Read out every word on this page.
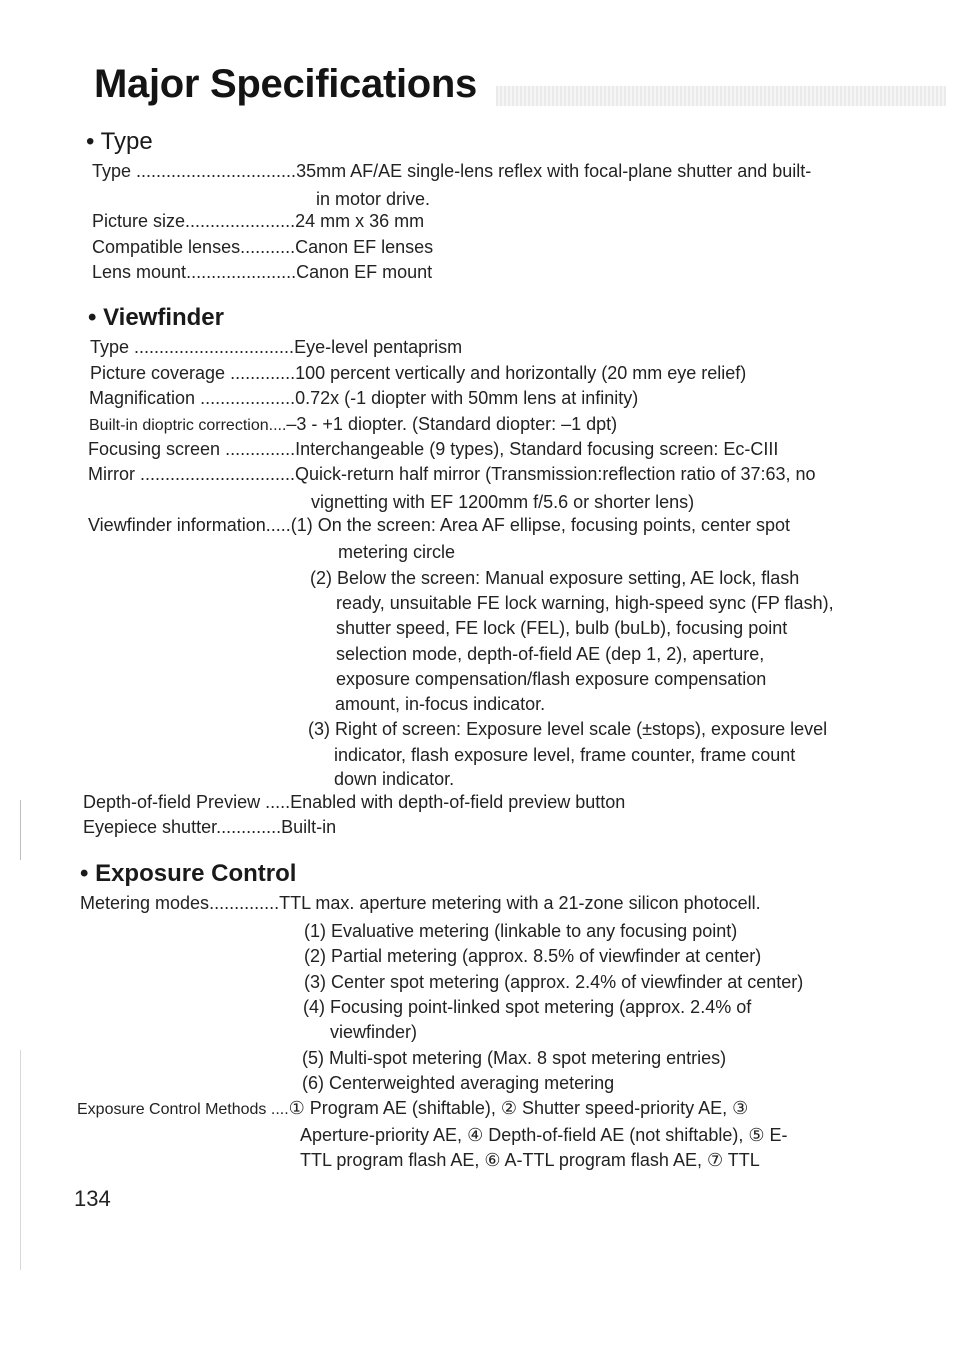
Major Specifications
• Type
Type ................................35mm AF/AE single-lens reflex with focal-plane shutter and built-
in motor drive.
Picture size......................24 mm x 36 mm
Compatible lenses...........Canon EF lenses
Lens mount......................Canon EF mount
• Viewfinder
Type ................................Eye-level pentaprism
Picture coverage .............100 percent vertically and horizontally (20 mm eye relief)
Magnification ...................0.72x (-1 diopter with 50mm lens at infinity)
Built-in dioptric correction....–3 - +1 diopter. (Standard diopter: –1 dpt)
Focusing screen ..............Interchangeable (9 types), Standard focusing screen: Ec-CIII
Mirror ...............................Quick-return half mirror (Transmission:reflection ratio of 37:63, no
vignetting with EF 1200mm f/5.6 or shorter lens)
Viewfinder information.....(1) On the screen: Area AF ellipse, focusing points, center spot
metering circle
(2) Below the screen: Manual exposure setting, AE lock, flash
ready, unsuitable FE lock warning, high-speed sync (FP flash),
shutter speed, FE lock (FEL), bulb (buLb), focusing point
selection mode, depth-of-field AE (dep 1, 2), aperture,
exposure compensation/flash exposure compensation
amount, in-focus indicator.
(3) Right of screen: Exposure level scale (±stops), exposure level
indicator, flash exposure level, frame counter, frame count
down indicator.
Depth-of-field Preview .....Enabled with depth-of-field preview button
Eyepiece shutter.............Built-in
• Exposure Control
Metering modes..............TTL max. aperture metering with a 21-zone silicon photocell.
(1) Evaluative metering (linkable to any focusing point)
(2) Partial metering (approx. 8.5% of viewfinder at center)
(3) Center spot metering (approx. 2.4% of viewfinder at center)
(4) Focusing point-linked spot metering (approx. 2.4% of
viewfinder)
(5) Multi-spot metering (Max. 8 spot metering entries)
(6) Centerweighted averaging metering
Exposure Control Methods ....① Program AE (shiftable), ② Shutter speed-priority AE, ③
Aperture-priority AE, ④ Depth-of-field AE (not shiftable), ⑤ E-
TTL program flash AE, ⑥ A-TTL program flash AE, ⑦ TTL
134
